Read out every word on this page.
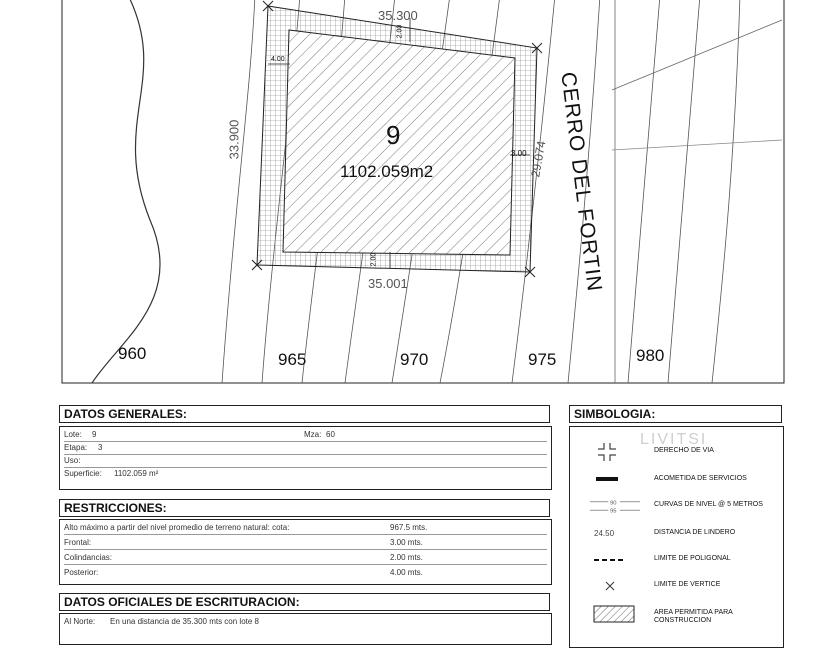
35.300
35.001
33.900	29.074
2.00
4.00
3.00
2.00
9
1102.059m2	CERRO DEL FORTIN
960	965	970	975	980
DATOS GENERALES:
Lote: 9	Mza: 60
Etapa: 3
Uso:
Superficie: 1102.059 m²
RESTRICCIONES:
Alto máximo a partir del nivel promedio de terreno natural: cota:	967.5 mts.
Frontal:	3.00 mts.
Colindancias:	2.00 mts.
Posterior:	4.00 mts.
DATOS OFICIALES DE ESCRITURACION:
Al Norte: En una distancia de 35.300 mts con lote 8
SIMBOLOGIA:
LIVITSI
DERECHO DE VIA
ACOMETIDA DE SERVICIOS
90
95
CURVAS DE NIVEL @ 5 METROS
24.50	DISTANCIA DE LINDERO
LIMITE DE POLIGONAL
LIMITE DE VERTICE
AREA PERMITIDA PARA CONSTRUCCION
